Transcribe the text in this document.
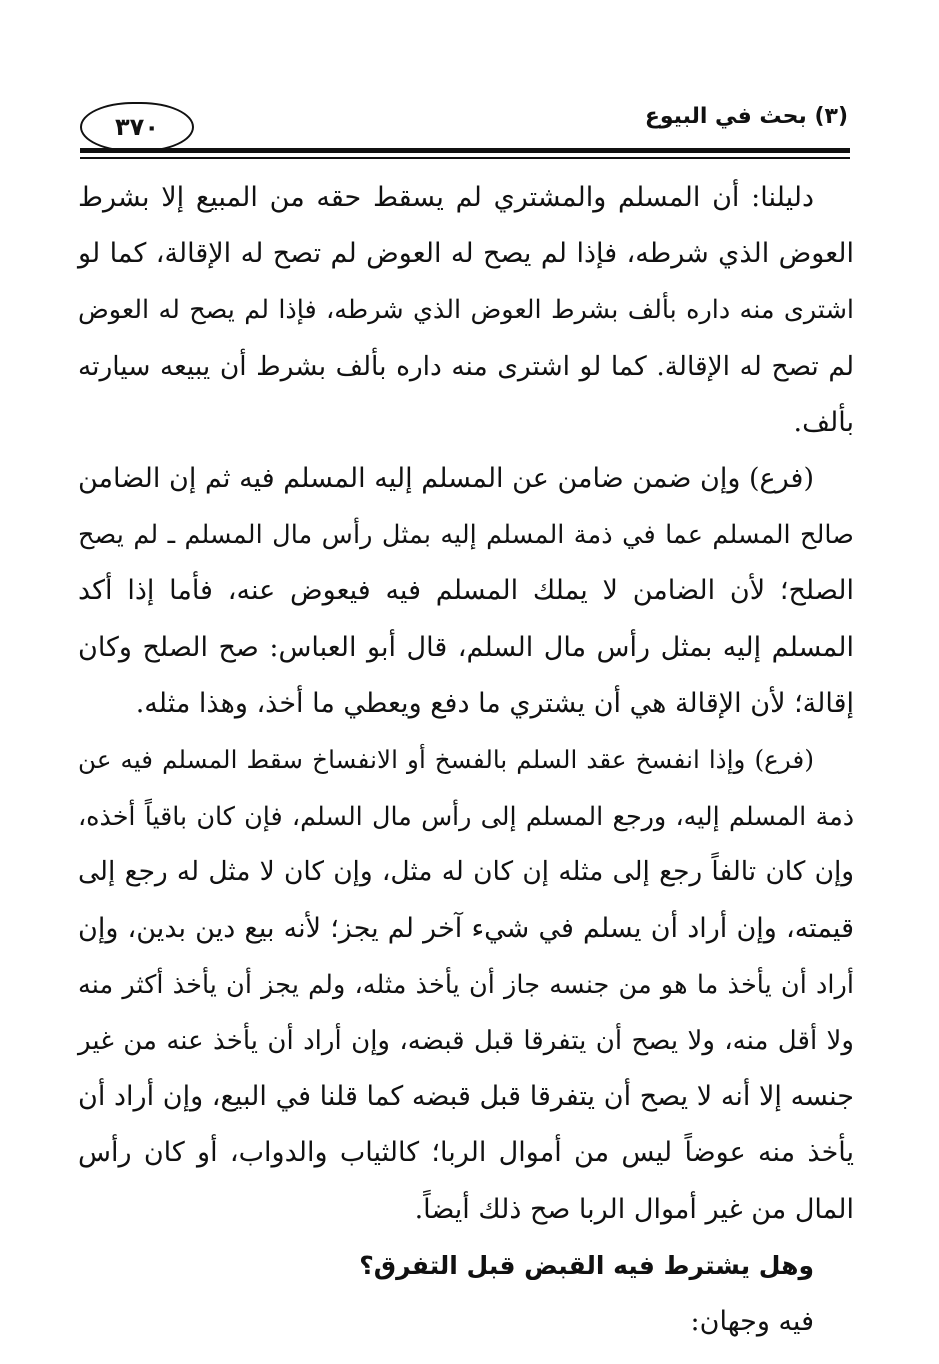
٣٧٠	(٣) بحث في البيوع
دليلنا: أن المسلم والمشتري لم يسقط حقه من المبيع إلا بشرط
العوض الذي شرطه، فإذا لم يصح له العوض لم تصح له الإقالة، كما لو
اشترى منه داره بألف بشرط العوض الذي شرطه، فإذا لم يصح له العوض
لم تصح له الإقالة. كما لو اشترى منه داره بألف بشرط أن يبيعه سيارته
بألف.
(فرع) وإن ضمن ضامن عن المسلم إليه المسلم فيه ثم إن الضامن
صالح المسلم عما في ذمة المسلم إليه بمثل رأس مال المسلم ـ لم يصح
الصلح؛ لأن الضامن لا يملك المسلم فيه فيعوض عنه، فأما إذا أكد
المسلم إليه بمثل رأس مال السلم، قال أبو العباس: صح الصلح وكان
إقالة؛ لأن الإقالة هي أن يشتري ما دفع ويعطي ما أخذ، وهذا مثله.
(فرع) وإذا انفسخ عقد السلم بالفسخ أو الانفساخ سقط المسلم فيه عن
ذمة المسلم إليه، ورجع المسلم إلى رأس مال السلم، فإن كان باقياً أخذه،
وإن كان تالفاً رجع إلى مثله إن كان له مثل، وإن كان لا مثل له رجع إلى
قيمته، وإن أراد أن يسلم في شيء آخر لم يجز؛ لأنه بيع دين بدين، وإن
أراد أن يأخذ ما هو من جنسه جاز أن يأخذ مثله، ولم يجز أن يأخذ أكثر منه
ولا أقل منه، ولا يصح أن يتفرقا قبل قبضه، وإن أراد أن يأخذ عنه من غير
جنسه إلا أنه لا يصح أن يتفرقا قبل قبضه كما قلنا في البيع، وإن أراد أن
يأخذ منه عوضاً ليس من أموال الربا؛ كالثياب والدواب، أو كان رأس
المال من غير أموال الربا صح ذلك أيضاً.
وهل يشترط فيه القبض قبل التفرق؟
فيه وجهان:
